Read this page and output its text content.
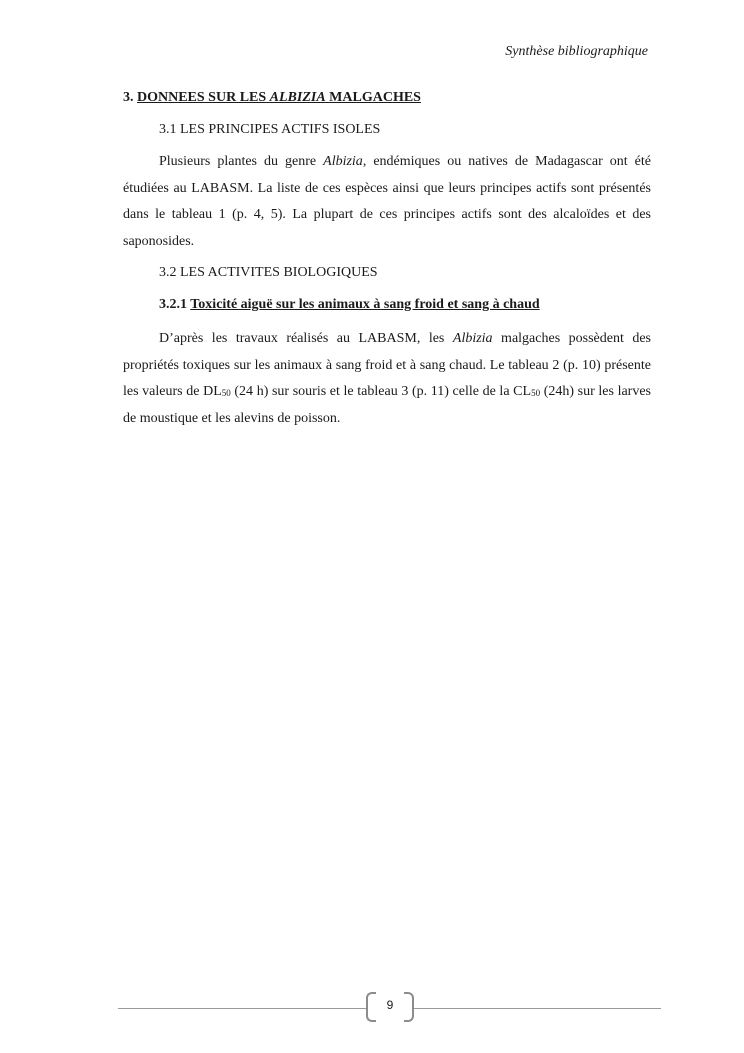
Synthèse bibliographique

3. DONNEES SUR LES ALBIZIA MALGACHES

3.1 LES PRINCIPES ACTIFS ISOLES

Plusieurs plantes du genre Albizia, endémiques ou natives de Madagascar ont été étudiées au LABASM. La liste de ces espèces ainsi que leurs principes actifs sont présentés dans le tableau 1 (p. 4, 5). La plupart de ces principes actifs sont des alcaloïdes et des saponosides.

3.2 LES ACTIVITES BIOLOGIQUES

3.2.1 Toxicité aiguë sur les animaux à sang froid et sang à chaud

D’après les travaux réalisés au LABASM, les Albizia malgaches possèdent des propriétés toxiques sur les animaux à sang froid et à sang chaud. Le tableau 2 (p. 10) présente les valeurs de $DL_{50}$ (24 h) sur souris et le tableau 3 (p. 11) celle de la $CL_{50}$ (24h) sur les larves de moustique et les alevins de poisson.

9
